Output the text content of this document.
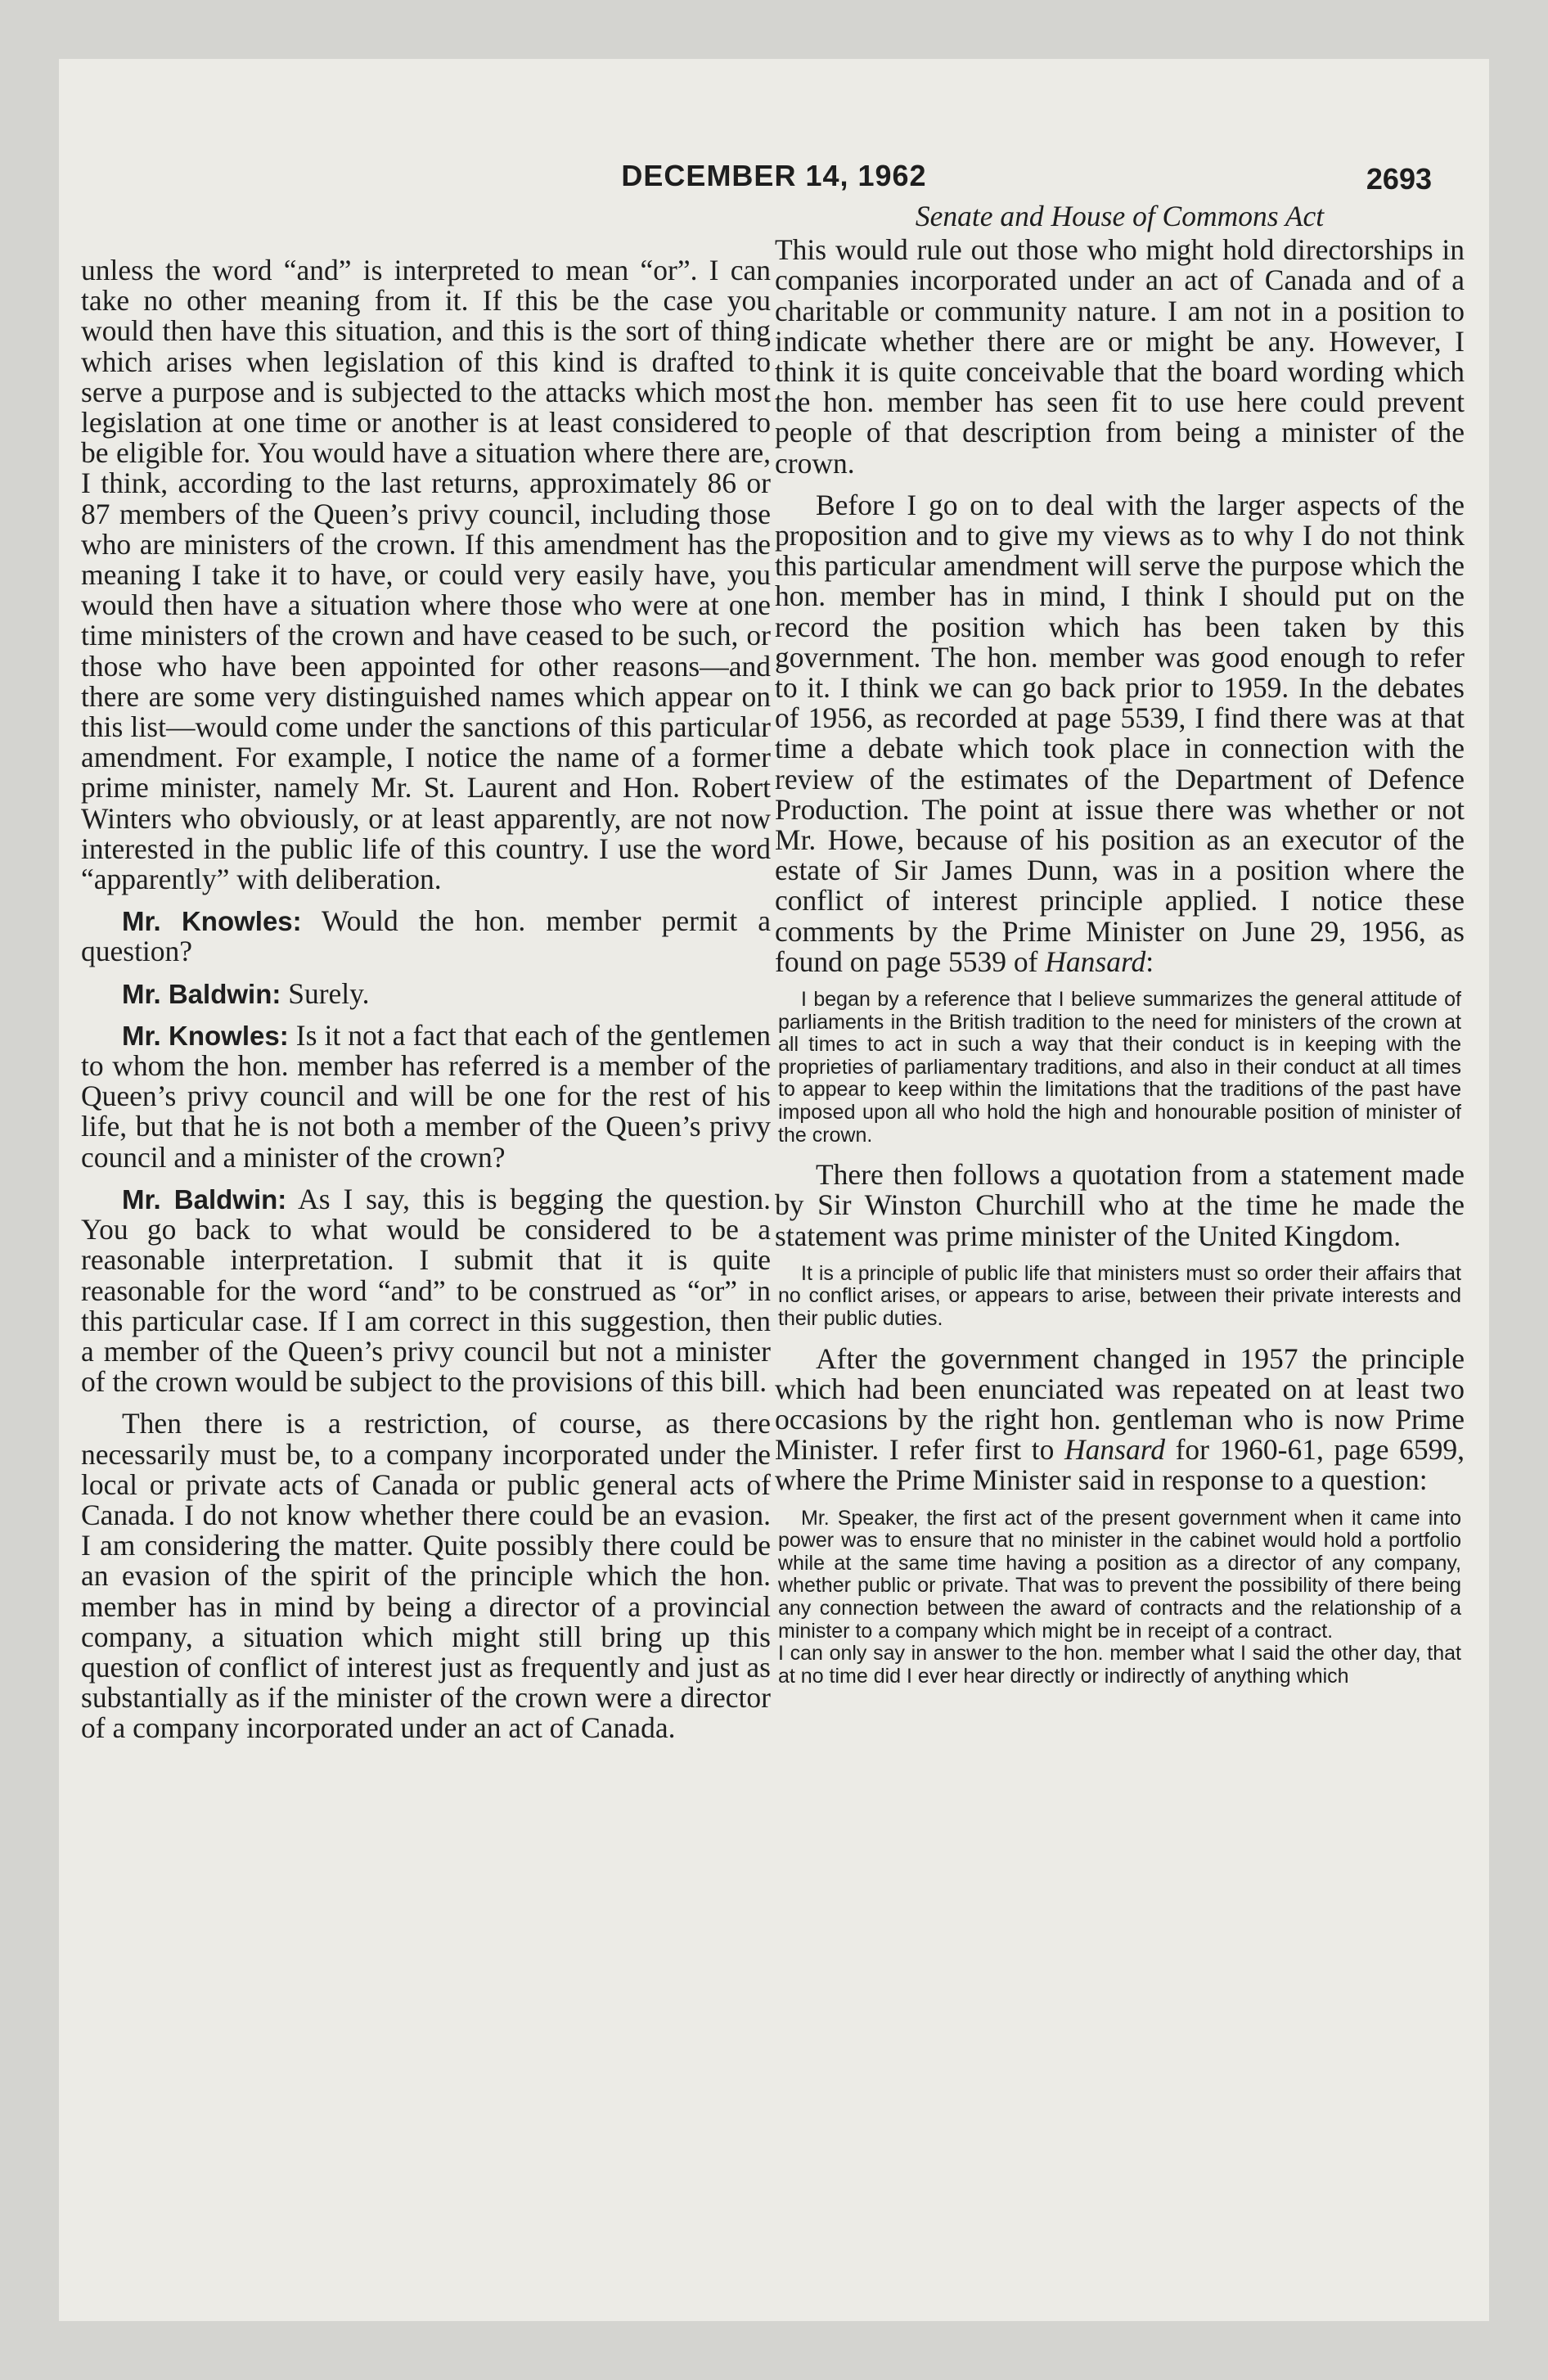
DECEMBER 14, 1962	2693

unless the word “and” is interpreted to mean “or”. I can take no other meaning from it. If this be the case you would then have this situation, and this is the sort of thing which arises when legislation of this kind is drafted to serve a purpose and is subjected to the attacks which most legislation at one time or another is at least considered to be eligible for. You would have a situation where there are, I think, according to the last returns, approximately 86 or 87 members of the Queen’s privy council, including those who are ministers of the crown. If this amendment has the meaning I take it to have, or could very easily have, you would then have a situation where those who were at one time ministers of the crown and have ceased to be such, or those who have been appointed for other reasons—and there are some very distinguished names which appear on this list—would come under the sanctions of this particular amendment. For example, I notice the name of a former prime minister, namely Mr. St. Laurent and Hon. Robert Winters who obviously, or at least apparently, are not now interested in the public life of this country. I use the word “apparently” with deliberation.

Mr. Knowles: Would the hon. member permit a question?

Mr. Baldwin: Surely.

Mr. Knowles: Is it not a fact that each of the gentlemen to whom the hon. member has referred is a member of the Queen’s privy council and will be one for the rest of his life, but that he is not both a member of the Queen’s privy council and a minister of the crown?

Mr. Baldwin: As I say, this is begging the question. You go back to what would be considered to be a reasonable interpretation. I submit that it is quite reasonable for the word “and” to be construed as “or” in this particular case. If I am correct in this suggestion, then a member of the Queen’s privy council but not a minister of the crown would be subject to the provisions of this bill.

Then there is a restriction, of course, as there necessarily must be, to a company incorporated under the local or private acts of Canada or public general acts of Canada. I do not know whether there could be an evasion. I am considering the matter. Quite possibly there could be an evasion of the spirit of the principle which the hon. member has in mind by being a director of a provincial company, a situation which might still bring up this question of conflict of interest just as frequently and just as substantially as if the minister of the crown were a director of a company incorporated under an act of Canada.

Senate and House of Commons Act

This would rule out those who might hold directorships in companies incorporated under an act of Canada and of a charitable or community nature. I am not in a position to indicate whether there are or might be any. However, I think it is quite conceivable that the board wording which the hon. member has seen fit to use here could prevent people of that description from being a minister of the crown.

Before I go on to deal with the larger aspects of the proposition and to give my views as to why I do not think this particular amendment will serve the purpose which the hon. member has in mind, I think I should put on the record the position which has been taken by this government. The hon. member was good enough to refer to it. I think we can go back prior to 1959. In the debates of 1956, as recorded at page 5539, I find there was at that time a debate which took place in connection with the review of the estimates of the Department of Defence Production. The point at issue there was whether or not Mr. Howe, because of his position as an executor of the estate of Sir James Dunn, was in a position where the conflict of interest principle applied. I notice these comments by the Prime Minister on June 29, 1956, as found on page 5539 of Hansard:

I began by a reference that I believe summarizes the general attitude of parliaments in the British tradition to the need for ministers of the crown at all times to act in such a way that their conduct is in keeping with the proprieties of parliamentary traditions, and also in their conduct at all times to appear to keep within the limitations that the traditions of the past have imposed upon all who hold the high and honourable position of minister of the crown.

There then follows a quotation from a statement made by Sir Winston Churchill who at the time he made the statement was prime minister of the United Kingdom.

It is a principle of public life that ministers must so order their affairs that no conflict arises, or appears to arise, between their private interests and their public duties.

After the government changed in 1957 the principle which had been enunciated was repeated on at least two occasions by the right hon. gentleman who is now Prime Minister. I refer first to Hansard for 1960-61, page 6599, where the Prime Minister said in response to a question:

Mr. Speaker, the first act of the present government when it came into power was to ensure that no minister in the cabinet would hold a portfolio while at the same time having a position as a director of any company, whether public or private. That was to prevent the possibility of there being any connection between the award of contracts and the relationship of a minister to a company which might be in receipt of a contract.

I can only say in answer to the hon. member what I said the other day, that at no time did I ever hear directly or indirectly of anything which
